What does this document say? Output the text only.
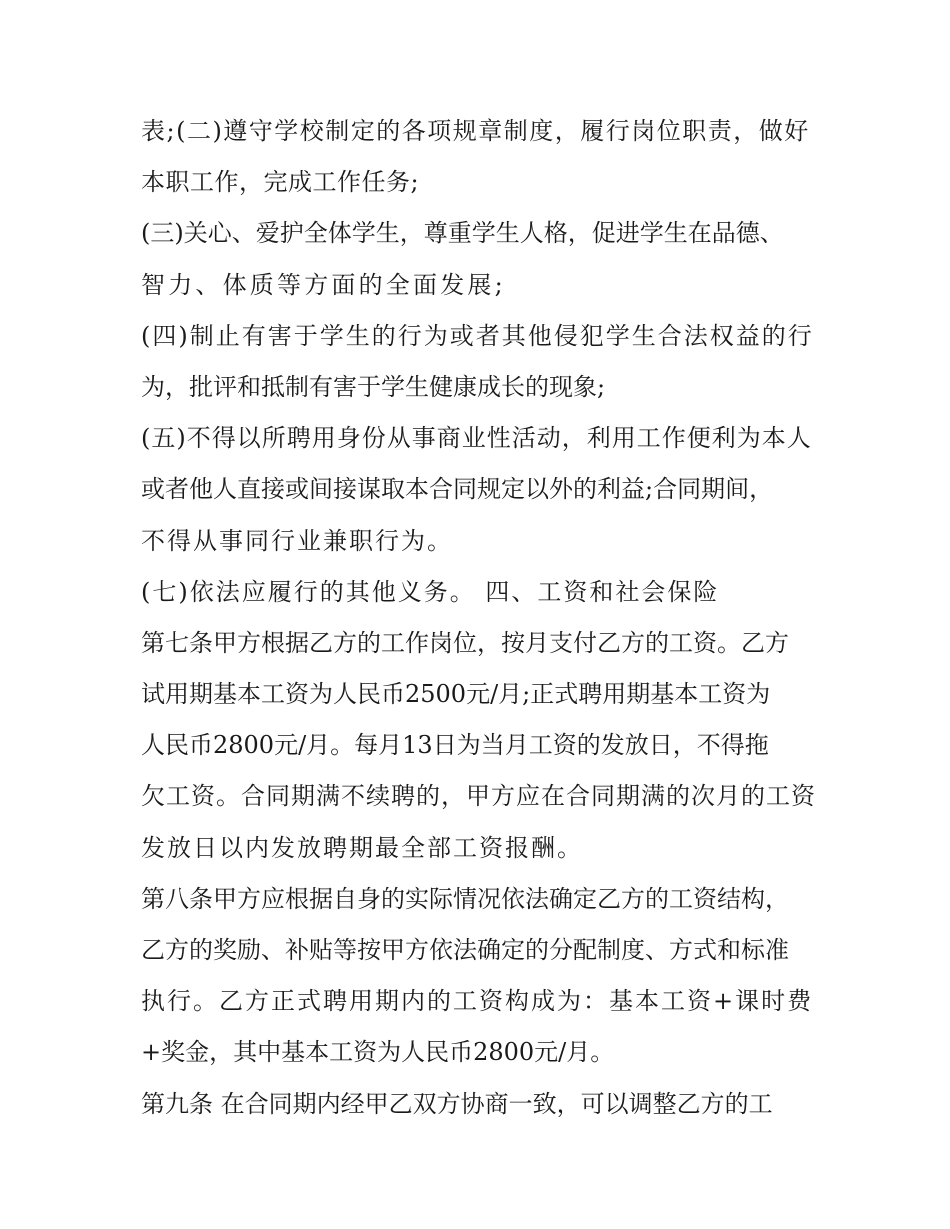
表;(二)遵守学校制定的各项规章制度，履行岗位职责，做好
本职工作，完成工作任务;
(三)关心、爱护全体学生，尊重学生人格，促进学生在品德、
智力、体质等方面的全面发展;
(四)制止有害于学生的行为或者其他侵犯学生合法权益的行
为，批评和抵制有害于学生健康成长的现象;
(五)不得以所聘用身份从事商业性活动，利用工作便利为本人
或者他人直接或间接谋取本合同规定以外的利益;合同期间，
不得从事同行业兼职行为。
(七)依法应履行的其他义务。 四、工资和社会保险
第七条甲方根据乙方的工作岗位，按月支付乙方的工资。乙方
试用期基本工资为人民币2500元/月;正式聘用期基本工资为
人民币2800元/月。每月13日为当月工资的发放日，不得拖
欠工资。合同期满不续聘的，甲方应在合同期满的次月的工资
发放日以内发放聘期最全部工资报酬。
第八条甲方应根据自身的实际情况依法确定乙方的工资结构，
乙方的奖励、补贴等按甲方依法确定的分配制度、方式和标准
执行。乙方正式聘用期内的工资构成为：基本工资+课时费
+奖金，其中基本工资为人民币2800元/月。
第九条 在合同期内经甲乙双方协商一致，可以调整乙方的工
